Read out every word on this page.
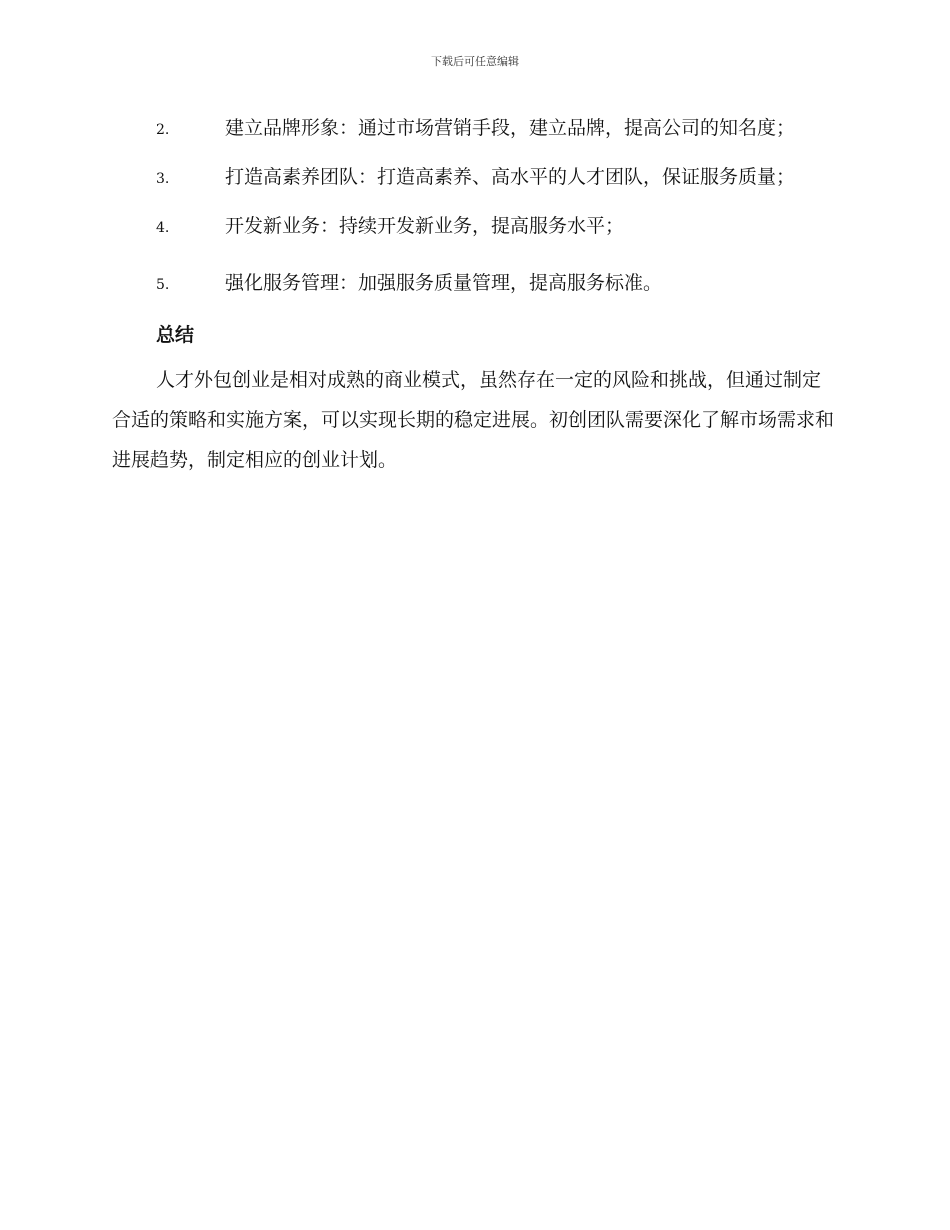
下载后可任意编辑

2.	建立品牌形象：通过市场营销手段，建立品牌，提高公司的知名度；

3.	打造高素养团队：打造高素养、高水平的人才团队，保证服务质量；

4.	开发新业务：持续开发新业务，提高服务水平；

5.	强化服务管理：加强服务质量管理，提高服务标准。

总结

人才外包创业是相对成熟的商业模式，虽然存在一定的风险和挑战，但通过制定合适的策略和实施方案，可以实现长期的稳定进展。初创团队需要深化了解市场需求和进展趋势，制定相应的创业计划。
